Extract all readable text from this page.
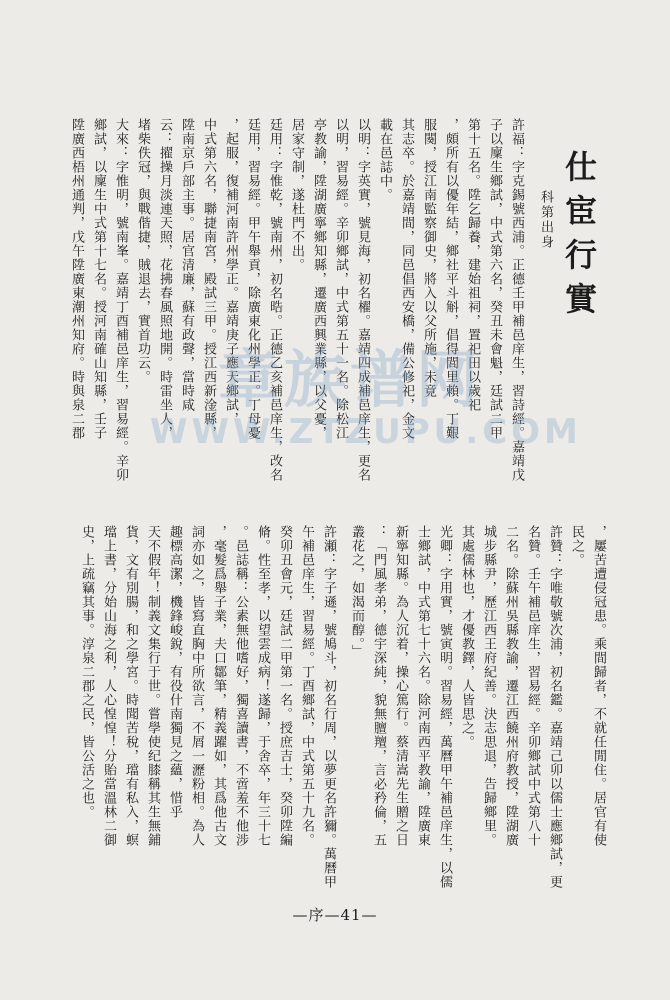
仕宦行實
科第出身
許福：字克錫號西浦。正德壬甲補邑庠生，習詩經。嘉靖戊
子以廩生鄉試，中式第六名，癸丑未會魁，廷試二甲
第十五名。陞乞歸養，建始祖祠，置祀田以歲祀
，頗所有以優年結，鄉社平斗斛，倡得閭里賴。丁艱
服闋，授江南監察御史，將入以父所施，未竟
其志卒。於嘉靖間，同邑倡西安橋，備公修祀，金文
載在邑誌中。
以明：字英實，號見海，初名櫂。嘉靖四成補邑庠生，更名
以明，習易經。辛卯鄉試，中式第五十一名。除松江
亭教諭，陞湖廣寧鄉知縣，遷廣西興業縣，以父憂，
居家守制，遂杜門不出。
廷用：字惟乾，號南州，初名晧。正德乙亥補邑庠生，改名
廷用，習易經。甲午舉貢，除廣東化州學正。丁母憂
，起服，復補河南許州學正。嘉靖庚子應天鄉試，
中式第六名，聯捷南宮，殿試三甲。授江西新淦縣，
陞南京戶部主事。居官清廉，蘇有政聲，當時咸
云：擢操月淡連天照，花拂春風照地開。時雷坐人，
堵柴佚冠，與戰偕捷，賊退去，實首功云。
大來：字惟明，號南峯。嘉靖丁酉補邑庠生，習易經。辛卯
鄉試，以廩生中式第十七名。授河南確山知縣，壬子
陞廣西梧州通判，戊午陞廣東潮州知府。時與泉二郡
，屢苦遭侵冠患。乘間歸者，不就任閒住。居官有使
民之。
許贊：字唯敬號次浦，初名鑑。嘉靖己卯以儒士應鄉試，更
名贊。壬午補邑庠生，習易經。辛卯鄉試中式第八十
二名。除蘇州吳縣教諭，遷江西饒州府教授，陞湖廣
城步縣尹，歷江西王府紀善。決志思退，告歸鄉里。
其處儒林也，才優教鐸，人皆思之。
光卿：字用實，號寅明。習易經，萬曆甲午補邑庠生，以儒
士鄉試，中式第七十六名。除河南西平教諭，陞廣東
新寧知縣。為人沉着，操心篤行。蔡清嵩先生贈之日
：「門風孝弟，德宇深純，貌無膻羶，言必矜倫，五
叢花之，如渴而醇。」
許瀬：字子遜，號鳩斗，初名行周，以夢更名許獮。萬曆甲
午補邑庠生，習易經。丁酉鄉試，中式第五十九名。
癸卯丑會元，廷試二甲第一名。授庶吉士，癸卯陞編
脩。性至孝，以望雲成病！遂歸，于舍卒，年三十七
。邑誌稱：公素無他嗜好，獨喜讀書，不啻羞不他涉
，毫髮爲舉子業，夫口鄒筆，精義躍如，其爲他古文
詞亦如之，皆寫直胸中所欲言，不屑一瀝粉相。為人
趣標高潔，機鋒峻銳，有役什南獨見之蘊，惜乎
天不假年！制義文集行于世。嘗學使纪膝稱其生無鋪
貨，文有別腸，和之學宮。時聞苦稅，璫有私入，螟
璫上書，分始山海之利，人心惶惶！分貽當溫林二御
史，上疏竊其事。淳泉二郡之民，皆公活之也。
—序—41—
章族谱网
WWW.ZTZUPU.COM
